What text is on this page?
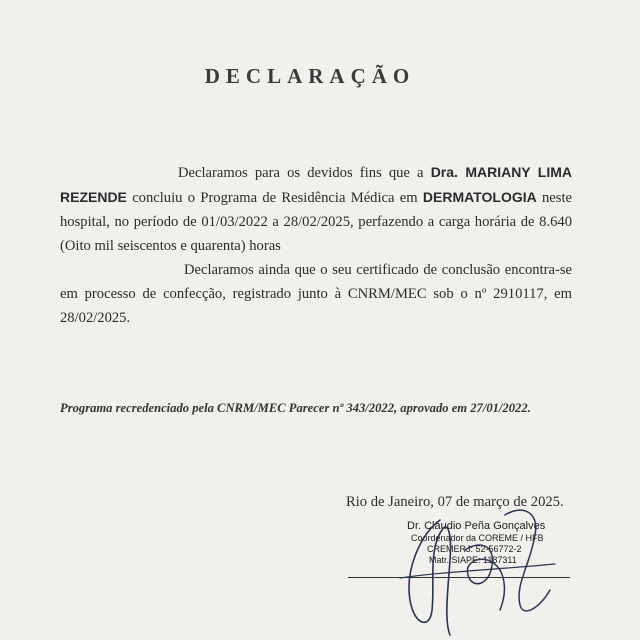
DECLARAÇÃO

Declaramos para os devidos fins que a Dra. MARIANY LIMA REZENDE concluiu o Programa de Residência Médica em DERMATOLOGIA neste hospital, no período de 01/03/2022 a 28/02/2025, perfazendo a carga horária de 8.640 (Oito mil seiscentos e quarenta) horas

Declaramos ainda que o seu certificado de conclusão encontra-se em processo de confecção, registrado junto à CNRM/MEC sob o nº 2910117, em 28/02/2025.

Programa recredenciado pela CNRM/MEC Parecer nº 343/2022, aprovado em 27/01/2022.
Rio de Janeiro, 07 de março de 2025.
Dr. Claudio Peña Gonçalves
Coordenador da COREME / HFB
CREMERJ: 52-56772-2
Matr. SIAPE: 1187311
